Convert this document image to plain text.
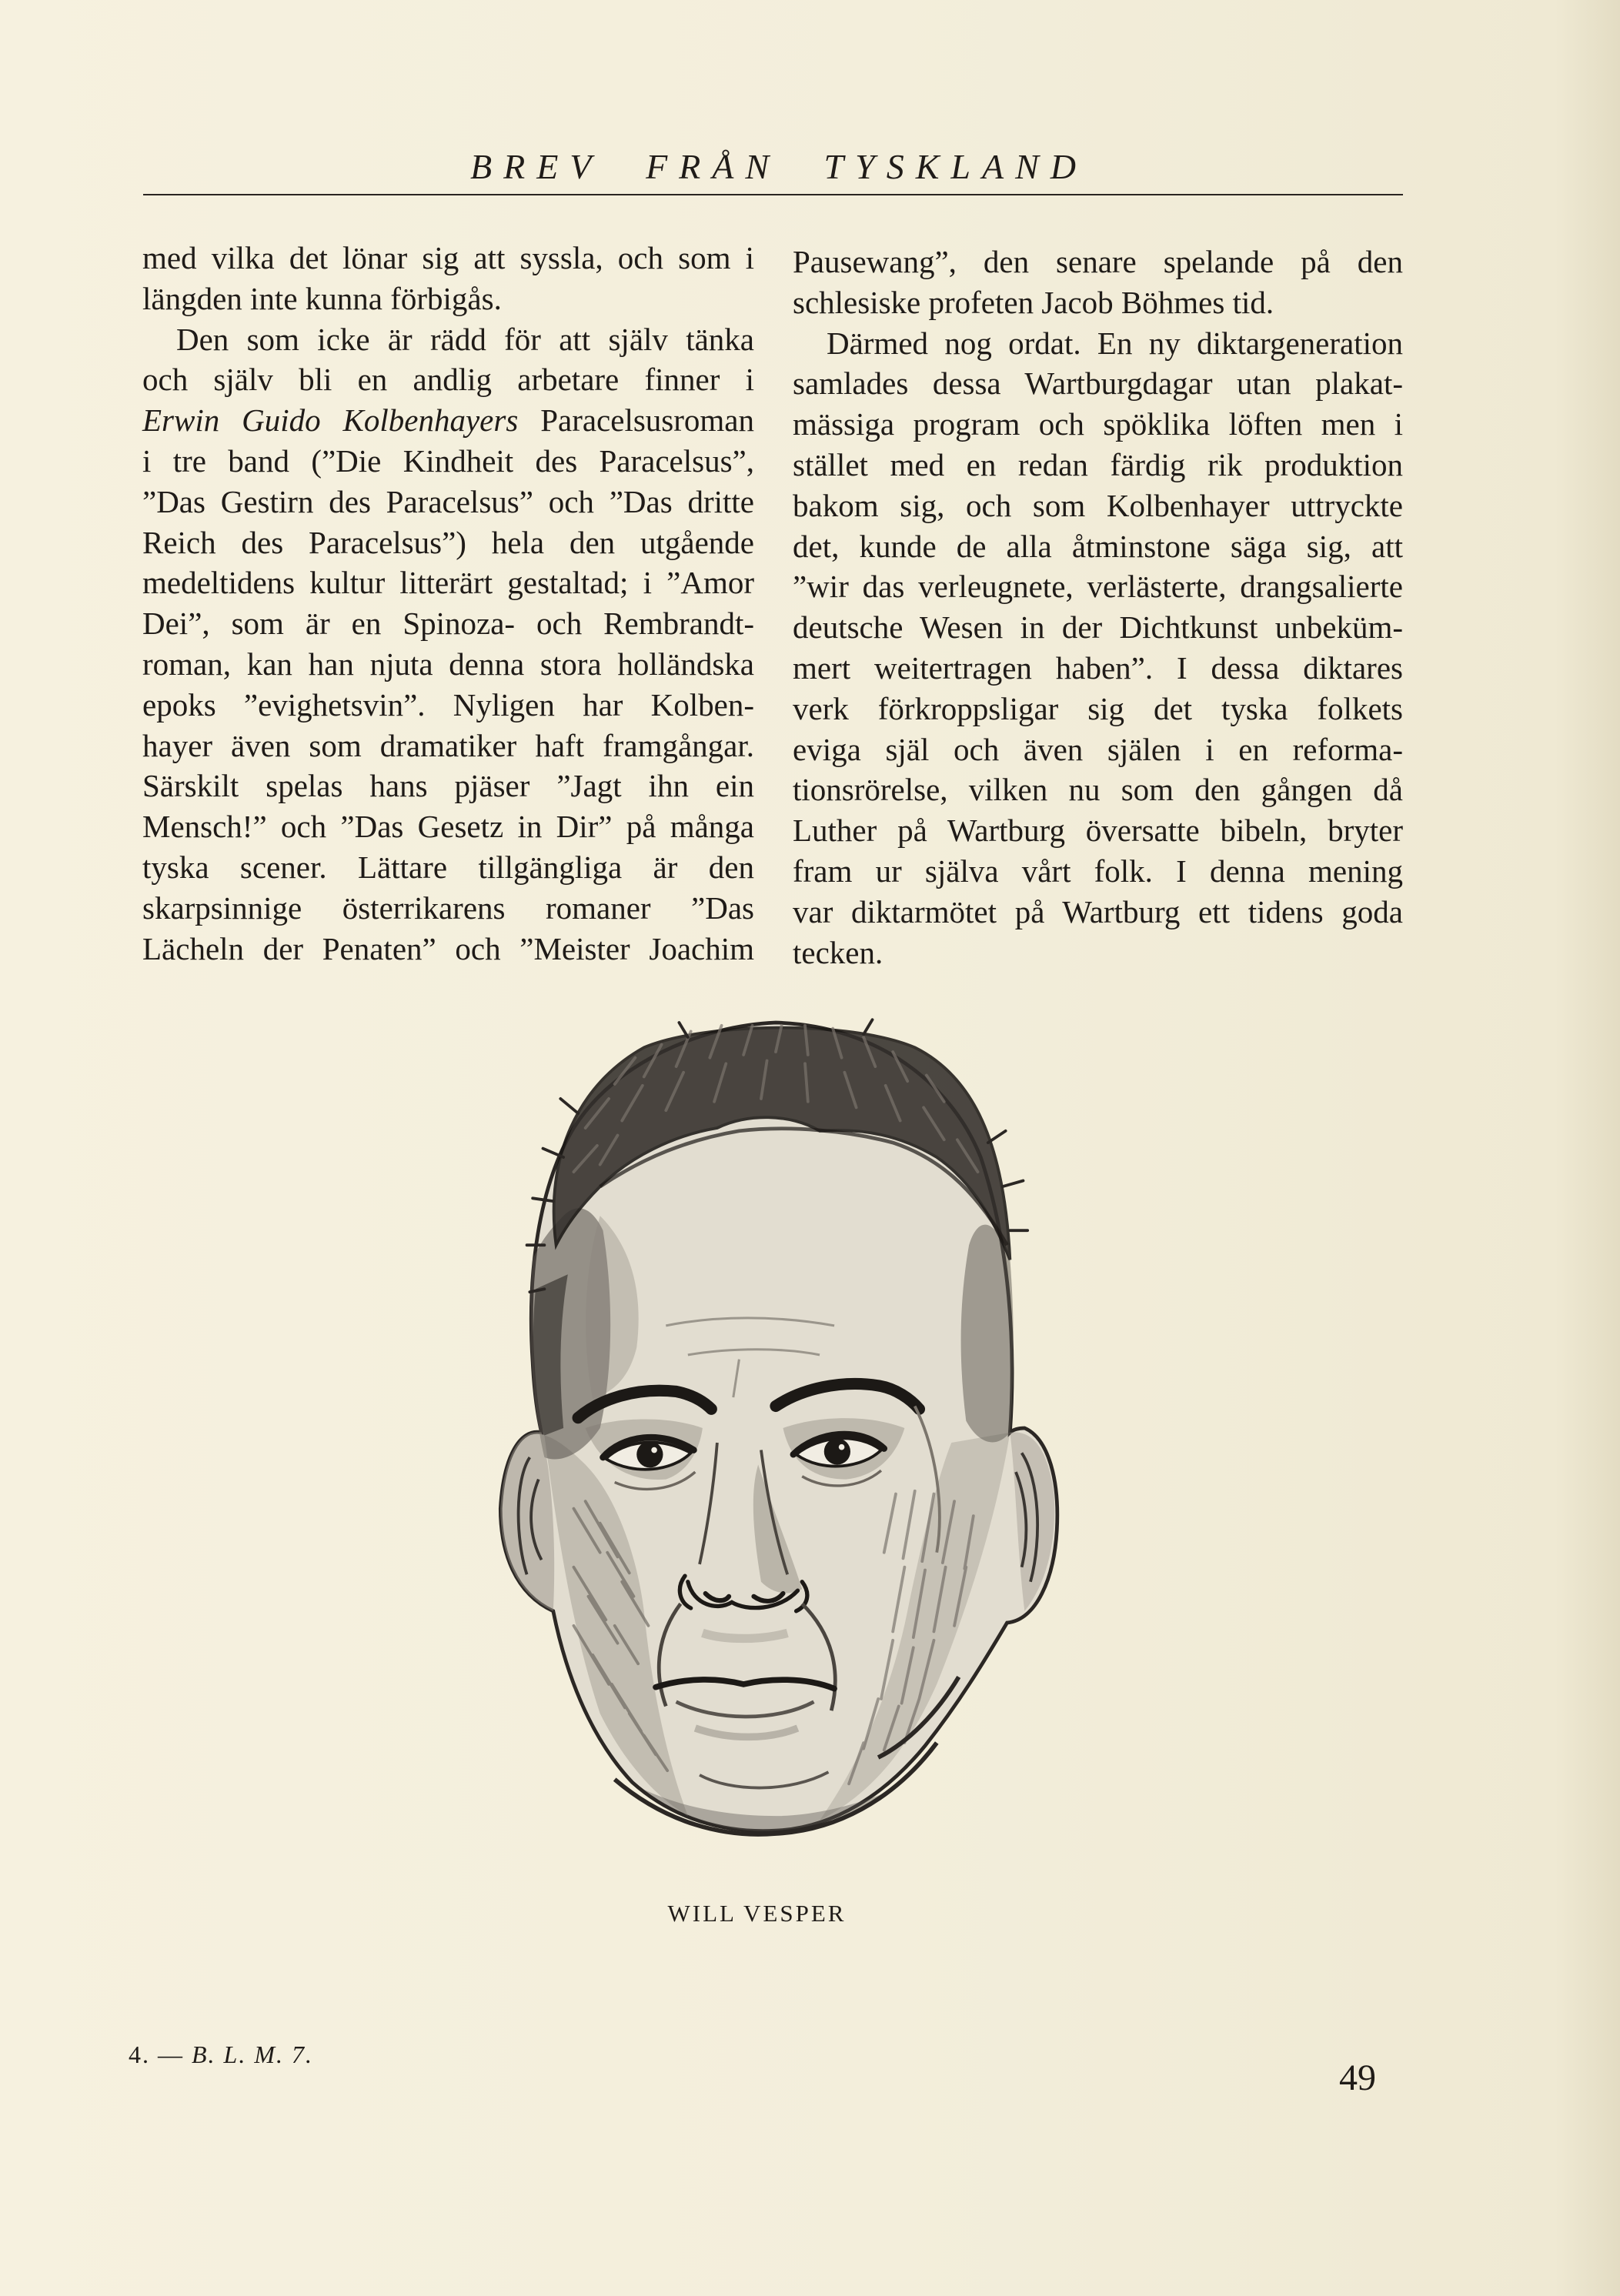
BREV FRÅN TYSKLAND
med vilka det lönar sig att syssla, och som i
längden inte kunna förbigås.
Den som icke är rädd för att själv tänka
och själv bli en andlig arbetare finner i
Erwin Guido Kolbenhayers Paracelsusroman
i tre band (”Die Kindheit des Paracelsus”,
”Das Gestirn des Paracelsus” och ”Das dritte
Reich des Paracelsus”) hela den utgående
medeltidens kultur litterärt gestaltad; i ”Amor
Dei”, som är en Spinoza- och Rembrandt-
roman, kan han njuta denna stora holländska
epoks ”evighetsvin”. Nyligen har Kolben-
hayer även som dramatiker haft framgångar.
Särskilt spelas hans pjäser ”Jagt ihn ein
Mensch!” och ”Das Gesetz in Dir” på många
tyska scener. Lättare tillgängliga är den
skarpsinnige österrikarens romaner ”Das
Lächeln der Penaten” och ”Meister Joachim
Pausewang”, den senare spelande på den
schlesiske profeten Jacob Böhmes tid.
Därmed nog ordat. En ny diktargeneration
samlades dessa Wartburgdagar utan plakat-
mässiga program och spöklika löften men i
stället med en redan färdig rik produktion
bakom sig, och som Kolbenhayer uttryckte
det, kunde de alla åtminstone säga sig, att
”wir das verleugnete, verlästerte, drangsalierte
deutsche Wesen in der Dichtkunst unbeküm-
mert weitertragen haben”. I dessa diktares
verk förkroppsligar sig det tyska folkets
eviga själ och även själen i en reforma-
tionsrörelse, vilken nu som den gången då
Luther på Wartburg översatte bibeln, bryter
fram ur själva vårt folk. I denna mening
var diktarmötet på Wartburg ett tidens goda
tecken.
WILL VESPER
4. — B. L. M. 7.
49
